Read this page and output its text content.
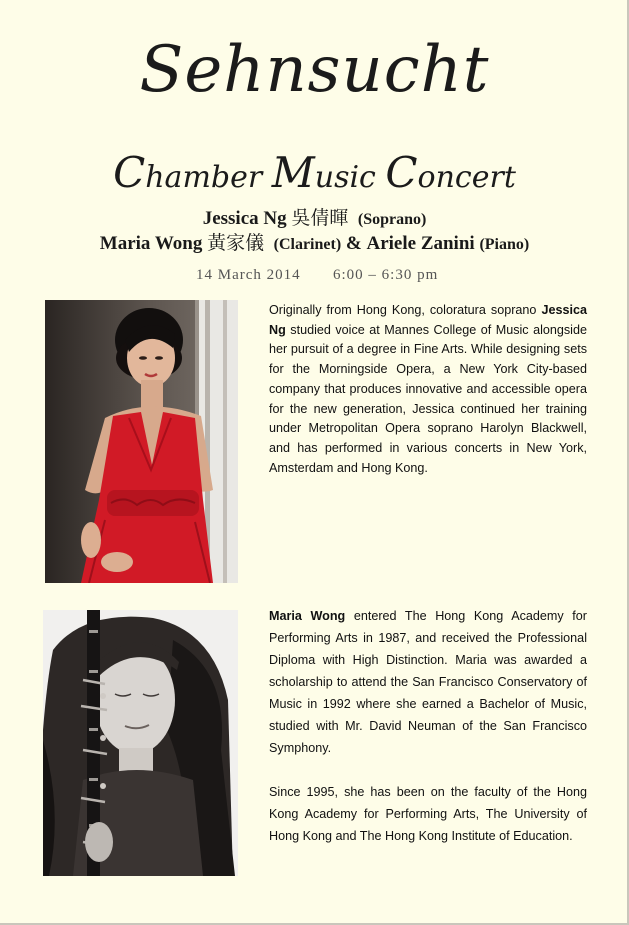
Sehnsucht
Chamber Music Concert
Jessica Ng 吳倩暉 (Soprano)
Maria Wong 黃家儀 (Clarinet) & Ariele Zanini (Piano)
14 March 2014 6:00 – 6:30 pm

Originally from Hong Kong, coloratura soprano Jessica Ng studied voice at Mannes College of Music alongside her pursuit of a degree in Fine Arts. While designing sets for the Morningside Opera, a New York City-based company that produces innovative and accessible opera for the new generation, Jessica continued her training under Metropolitan Opera soprano Harolyn Blackwell, and has performed in various concerts in New York, Amsterdam and Hong Kong.

Maria Wong entered The Hong Kong Academy for Performing Arts in 1987, and received the Professional Diploma with High Distinction. Maria was awarded a scholarship to attend the San Francisco Conservatory of Music in 1992 where she earned a Bachelor of Music, studied with Mr. David Neuman of the San Francisco Symphony.

Since 1995, she has been on the faculty of the Hong Kong Academy for Performing Arts, The University of Hong Kong and The Hong Kong Institute of Education.
